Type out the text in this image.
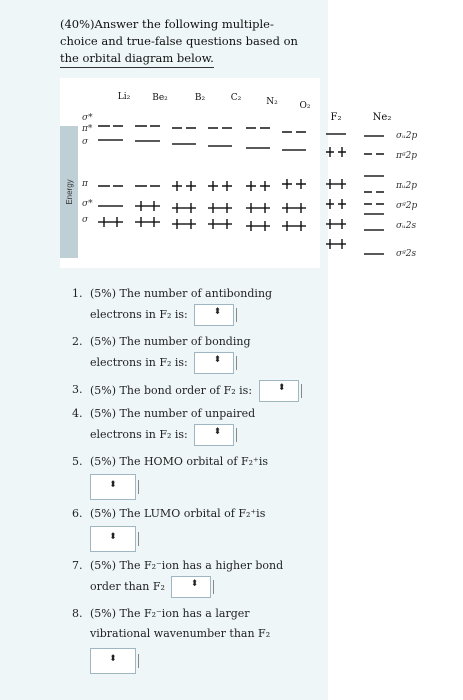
(40%)Answer the following multiple-
choice and true-false questions based on
the orbital diagram below.
Energy
Li₂ Be₂	B₂	C₂	N₂ O₂
σ*
π*
σ
π
σ*
σ
F₂	Ne₂
σᵤ2p
πᵍ2p
πᵤ2p
σᵍ2p
σᵤ2s
σᵍ2s
1. (5%) The number of antibonding
electrons in F₂ is:	⬍
2. (5%) The number of bonding
electrons in F₂ is:	⬍
3. (5%) The bond order of F₂ is:	⬍
4. (5%) The number of unpaired
electrons in F₂ is:	⬍
5. (5%) The HOMO orbital of F₂⁺is
⬍
6. (5%) The LUMO orbital of F₂⁺is
⬍
7. (5%) The F₂⁻ion has a higher bond
order than F₂	⬍
8. (5%) The F₂⁻ion has a larger
vibrational wavenumber than F₂
⬍
